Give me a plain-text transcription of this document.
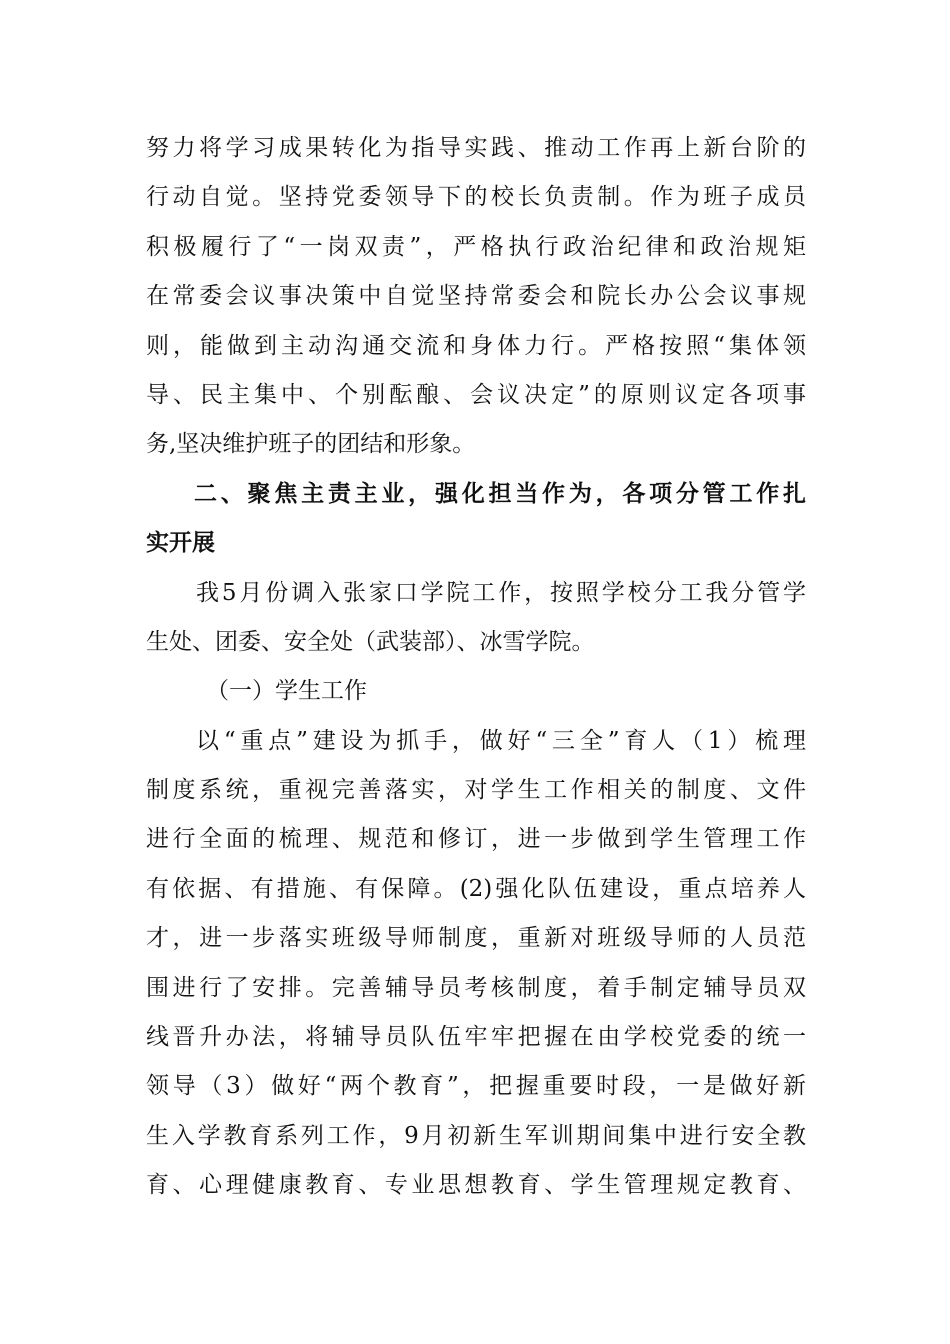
努力将学习成果转化为指导实践、推动工作再上新台阶的
行动自觉。坚持党委领导下的校长负责制。作为班子成员
积极履行了“一岗双责”，严格执行政治纪律和政治规矩
在常委会议事决策中自觉坚持常委会和院长办公会议事规
则，能做到主动沟通交流和身体力行。严格按照“集体领
导、民主集中、个别酝酿、会议决定”的原则议定各项事
务,坚决维护班子的团结和形象。
二、聚焦主责主业，强化担当作为，各项分管工作扎
实开展
我5月份调入张家口学院工作，按照学校分工我分管学
生处、团委、安全处（武装部）、冰雪学院。
（一）学生工作
以“重点”建设为抓手，做好“三全”育人（1）梳理
制度系统，重视完善落实，对学生工作相关的制度、文件
进行全面的梳理、规范和修订，进一步做到学生管理工作
有依据、有措施、有保障。(2)强化队伍建设，重点培养人
才，进一步落实班级导师制度，重新对班级导师的人员范
围进行了安排。完善辅导员考核制度，着手制定辅导员双
线晋升办法，将辅导员队伍牢牢把握在由学校党委的统一
领导（3）做好“两个教育”，把握重要时段，一是做好新
生入学教育系列工作，9月初新生军训期间集中进行安全教
育、心理健康教育、专业思想教育、学生管理规定教育、
